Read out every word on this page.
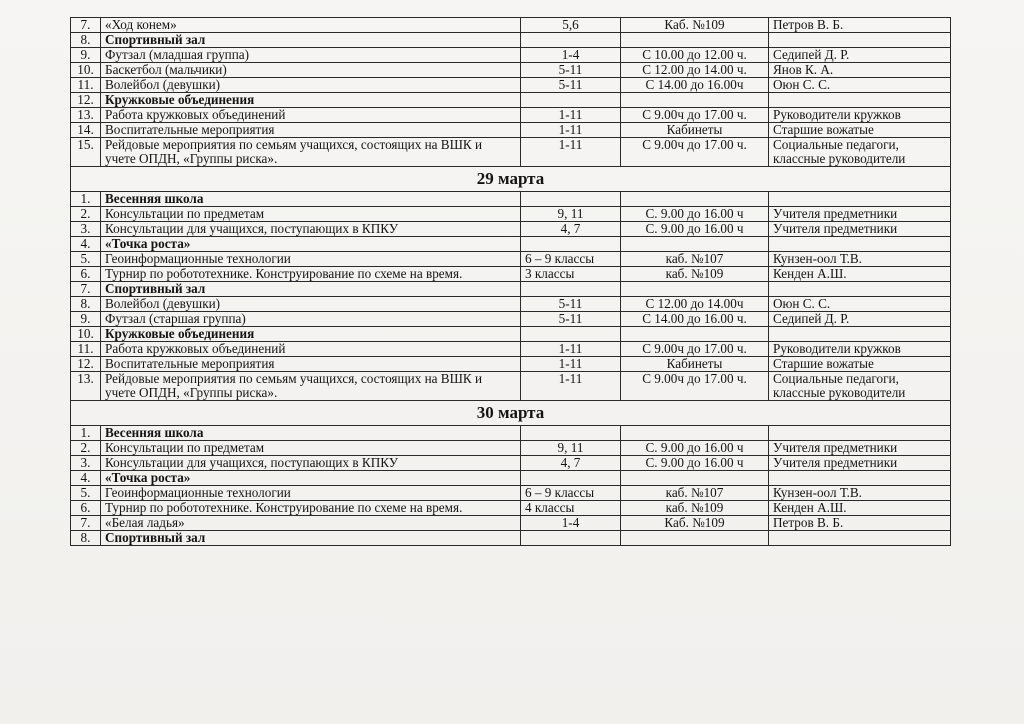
7.	«Ход конем»	5,6	Каб. №109	Петров В. Б.
8.	Спортивный зал			
9.	Футзал (младшая группа)	1-4	С 10.00 до 12.00 ч.	Седипей Д. Р.
10.	Баскетбол (мальчики)	5-11	С 12.00 до 14.00 ч.	Янов К. А.
11.	Волейбол (девушки)	5-11	С 14.00 до 16.00ч	Оюн С. С.
12.	Кружковые объединения			
13.	Работа кружковых объединений	1-11	С 9.00ч до 17.00 ч.	Руководители кружков
14.	Воспитательные мероприятия	1-11	Кабинеты	Старшие вожатые
15.	Рейдовые мероприятия по семьям учащихся, состоящих на ВШК и учете ОПДН, «Группы риска».	1-11	С 9.00ч до 17.00 ч.	Социальные педагоги, классные руководители
29 марта				
1.	Весенняя школа			
2.	Консультации по предметам	9, 11	С. 9.00 до 16.00 ч	Учителя предметники
3.	Консультации для учащихся, поступающих в КПКУ	4, 7	С. 9.00 до 16.00 ч	Учителя предметники
4.	«Точка роста»			
5.	Геоинформационные технологии	6 – 9 классы	каб. №107	Кунзен-оол Т.В.
6.	Турнир по робототехнике. Конструирование по схеме на время.	3 классы	каб. №109	Кенден А.Ш.
7.	Спортивный зал			
8.	Волейбол (девушки)	5-11	С 12.00 до 14.00ч	Оюн С. С.
9.	Футзал (старшая группа)	5-11	С 14.00 до 16.00 ч.	Седипей Д. Р.
10.	Кружковые объединения			
11.	Работа кружковых объединений	1-11	С 9.00ч до 17.00 ч.	Руководители кружков
12.	Воспитательные мероприятия	1-11	Кабинеты	Старшие вожатые
13.	Рейдовые мероприятия по семьям учащихся, состоящих на ВШК и учете ОПДН, «Группы риска».	1-11	С 9.00ч до 17.00 ч.	Социальные педагоги, классные руководители
30 марта				
1.	Весенняя школа			
2.	Консультации по предметам	9, 11	С. 9.00 до 16.00 ч	Учителя предметники
3.	Консультации для учащихся, поступающих в КПКУ	4, 7	С. 9.00 до 16.00 ч	Учителя предметники
4.	«Точка роста»			
5.	Геоинформационные технологии	6 – 9 классы	каб. №107	Кунзен-оол Т.В.
6.	Турнир по робототехнике. Конструирование по схеме на время.	4 классы	каб. №109	Кенден А.Ш.
7.	«Белая ладья»	1-4	Каб. №109	Петров В. Б.
8.	Спортивный зал			
